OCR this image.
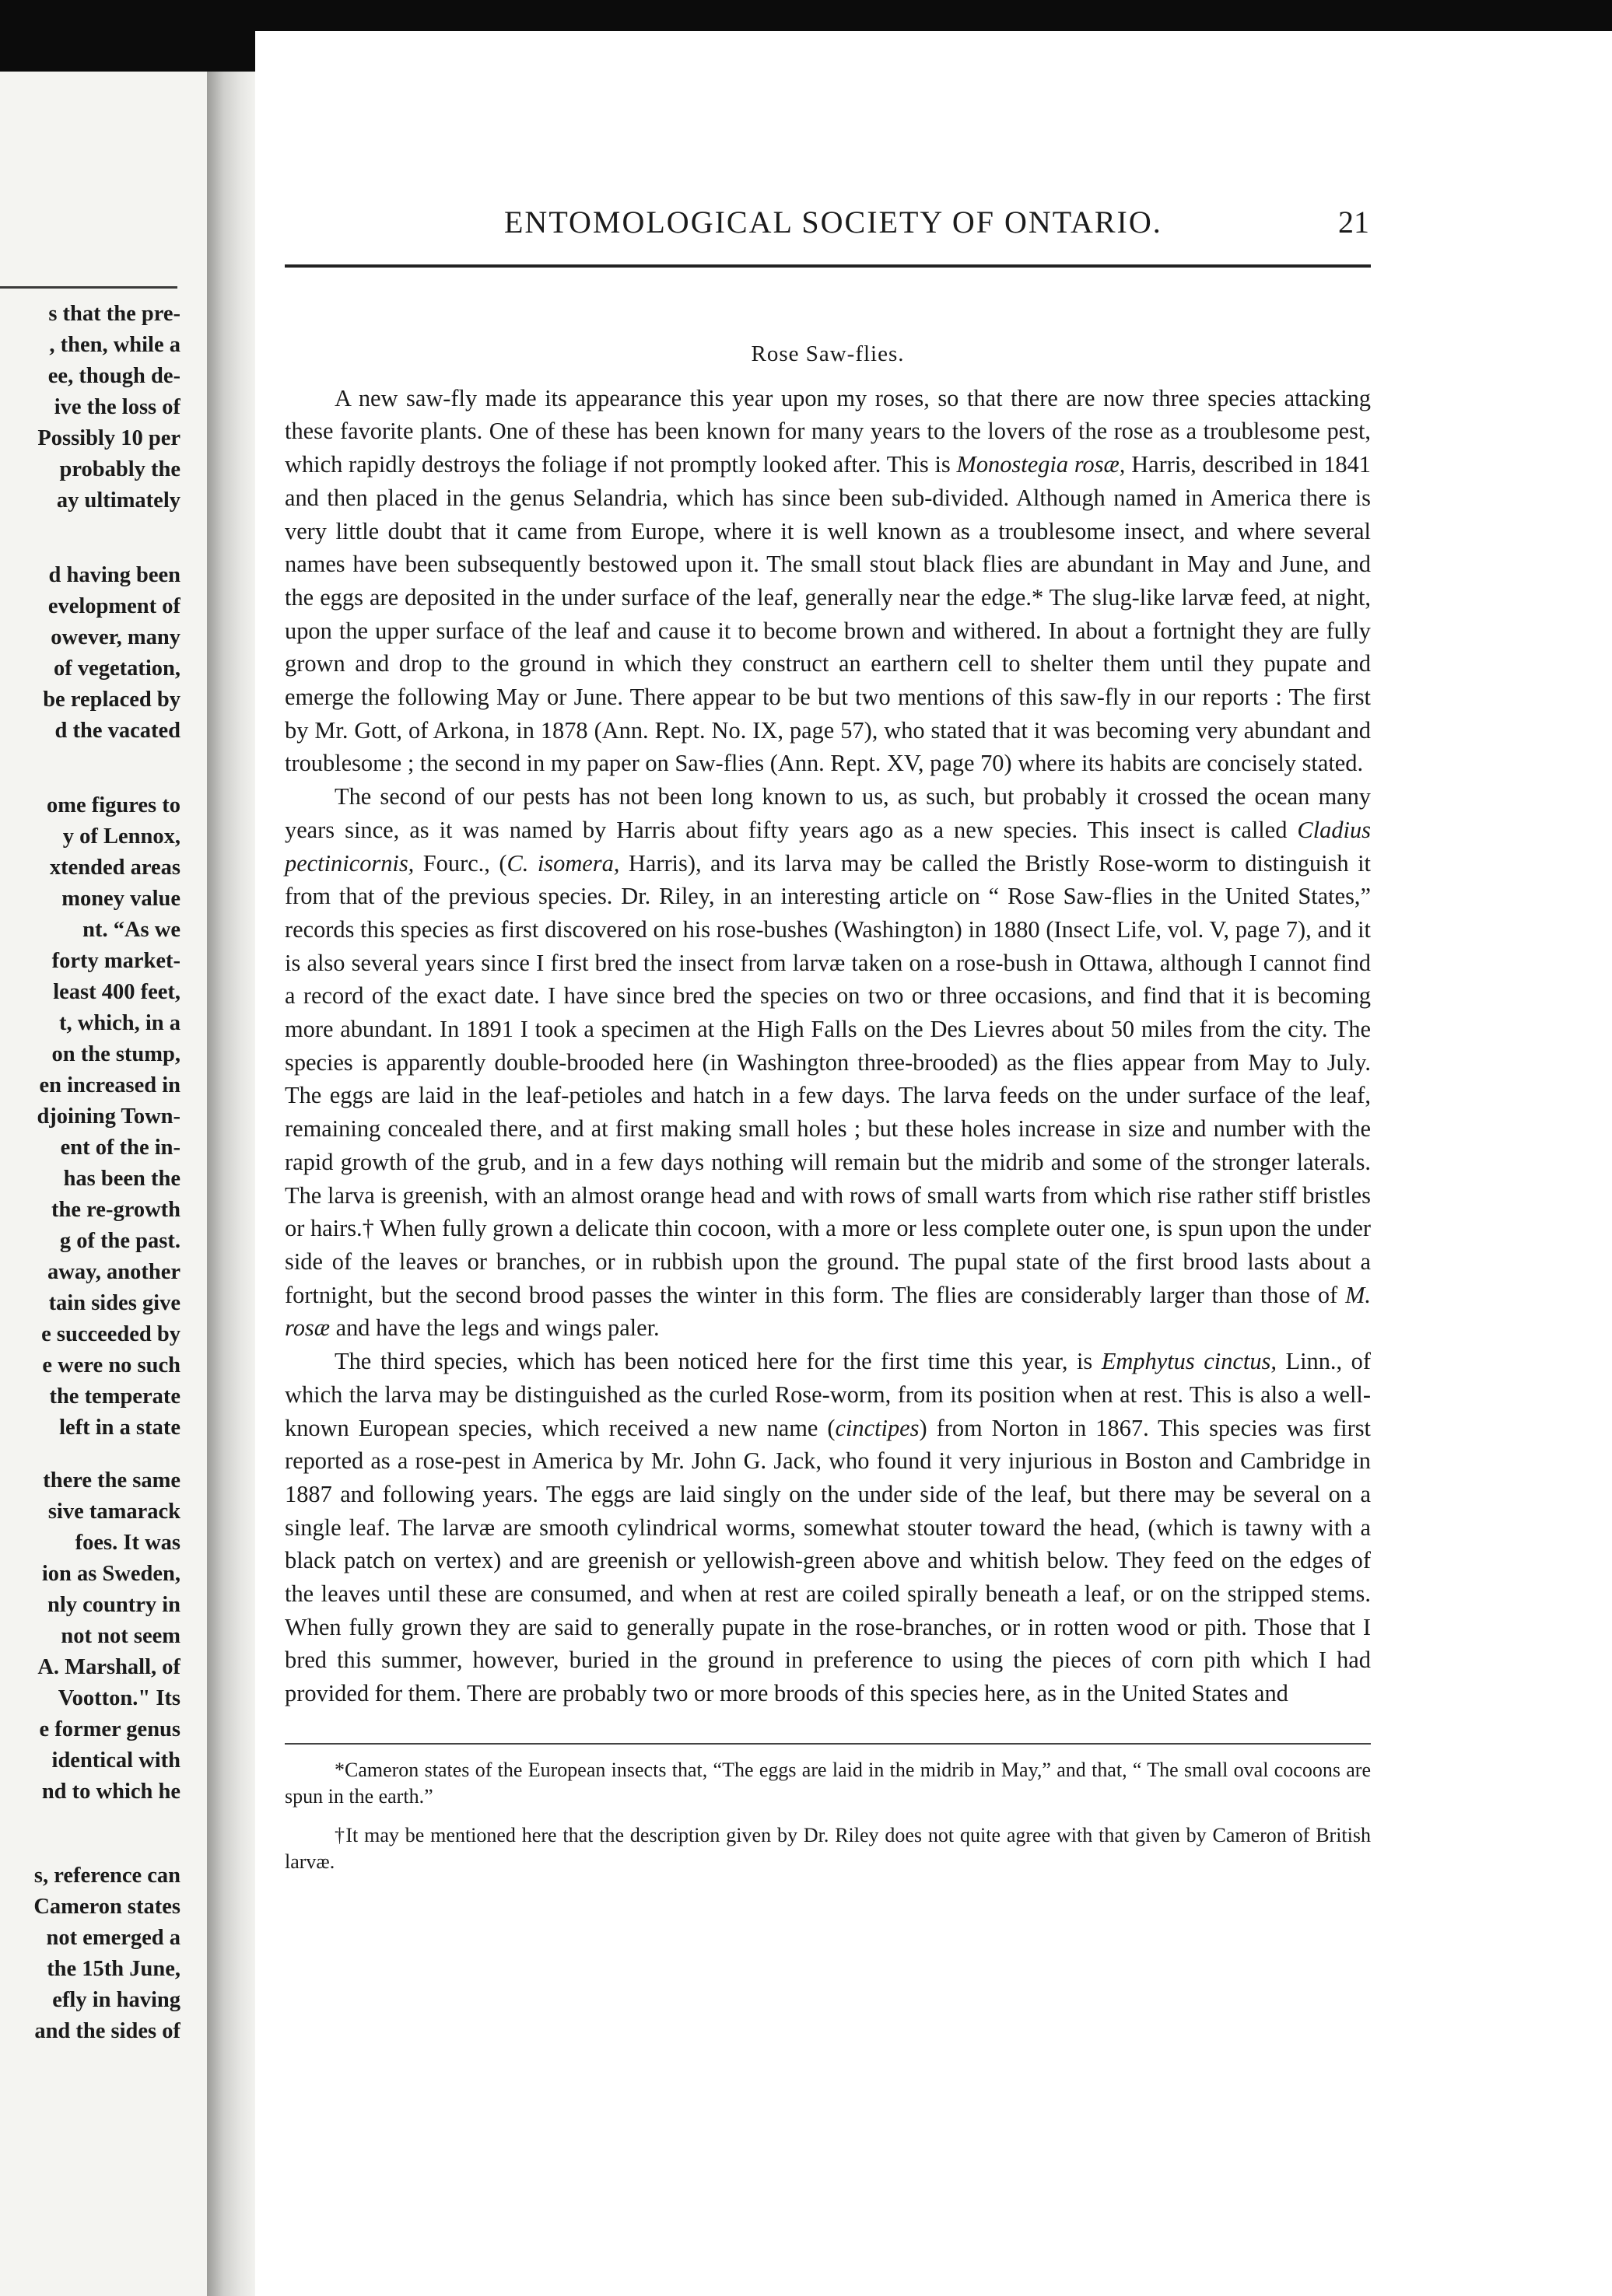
s that the pre-
, then, while a
ee, though de-
ive the loss of
Possibly 10 per
probably the
ay ultimately
d having been
evelopment of
owever, many
of vegetation,
be replaced by
d the vacated
ome figures to
y of Lennox,
xtended areas
money value
nt. “As we
forty market-
least 400 feet,
t, which, in a
on the stump,
en increased in
djoining Town-
ent of the in-
has been the
the re-growth
g of the past.
away, another
tain sides give
e succeeded by
e were no such
the temperate
left in a state
there the same
sive tamarack
foes. It was
ion as Sweden,
nly country in
not not seem
A. Marshall, of
Vootton." Its
e former genus
identical with
nd to which he
s, reference can
Cameron states
not emerged a
the 15th June,
efly in having
and the sides of
ENTOMOLOGICAL SOCIETY OF ONTARIO.	21
Rose Saw-flies.

A new saw-fly made its appearance this year upon my roses, so that there are now three species attacking these favorite plants. One of these has been known for many years to the lovers of the rose as a troublesome pest, which rapidly destroys the foliage if not promptly looked after. This is Monostegia rosæ, Harris, described in 1841 and then placed in the genus Selandria, which has since been sub-divided. Although named in America there is very little doubt that it came from Europe, where it is well known as a troublesome insect, and where several names have been subsequently bestowed upon it. The small stout black flies are abundant in May and June, and the eggs are deposited in the under surface of the leaf, generally near the edge.* The slug-like larvæ feed, at night, upon the upper surface of the leaf and cause it to become brown and withered. In about a fortnight they are fully grown and drop to the ground in which they construct an earthern cell to shelter them until they pupate and emerge the following May or June. There appear to be but two mentions of this saw-fly in our reports : The first by Mr. Gott, of Arkona, in 1878 (Ann. Rept. No. IX, page 57), who stated that it was becoming very abundant and troublesome ; the second in my paper on Saw-flies (Ann. Rept. XV, page 70) where its habits are concisely stated.

The second of our pests has not been long known to us, as such, but probably it crossed the ocean many years since, as it was named by Harris about fifty years ago as a new species. This insect is called Cladius pectinicornis, Fourc., (C. isomera, Harris), and its larva may be called the Bristly Rose-worm to distinguish it from that of the previous species. Dr. Riley, in an interesting article on “ Rose Saw-flies in the United States,” records this species as first discovered on his rose-bushes (Washington) in 1880 (Insect Life, vol. V, page 7), and it is also several years since I first bred the insect from larvæ taken on a rose-bush in Ottawa, although I cannot find a record of the exact date. I have since bred the species on two or three occasions, and find that it is becoming more abundant. In 1891 I took a specimen at the High Falls on the Des Lievres about 50 miles from the city. The species is apparently double-brooded here (in Washington three-brooded) as the flies appear from May to July. The eggs are laid in the leaf-petioles and hatch in a few days. The larva feeds on the under surface of the leaf, remaining concealed there, and at first making small holes ; but these holes increase in size and number with the rapid growth of the grub, and in a few days nothing will remain but the midrib and some of the stronger laterals. The larva is greenish, with an almost orange head and with rows of small warts from which rise rather stiff bristles or hairs.† When fully grown a delicate thin cocoon, with a more or less complete outer one, is spun upon the under side of the leaves or branches, or in rubbish upon the ground. The pupal state of the first brood lasts about a fortnight, but the second brood passes the winter in this form. The flies are considerably larger than those of M. rosæ and have the legs and wings paler.

The third species, which has been noticed here for the first time this year, is Emphytus cinctus, Linn., of which the larva may be distinguished as the curled Rose-worm, from its position when at rest. This is also a well-known European species, which received a new name (cinctipes) from Norton in 1867. This species was first reported as a rose-pest in America by Mr. John G. Jack, who found it very injurious in Boston and Cambridge in 1887 and following years. The eggs are laid singly on the under side of the leaf, but there may be several on a single leaf. The larvæ are smooth cylindrical worms, somewhat stouter toward the head, (which is tawny with a black patch on vertex) and are greenish or yellowish-green above and whitish below. They feed on the edges of the leaves until these are consumed, and when at rest are coiled spirally beneath a leaf, or on the stripped stems. When fully grown they are said to generally pupate in the rose-branches, or in rotten wood or pith. Those that I bred this summer, however, buried in the ground in preference to using the pieces of corn pith which I had provided for them. There are probably two or more broods of this species here, as in the United States and

*Cameron states of the European insects that, “The eggs are laid in the midrib in May,” and that, “ The small oval cocoons are spun in the earth.”

†It may be mentioned here that the description given by Dr. Riley does not quite agree with that given by Cameron of British larvæ.
